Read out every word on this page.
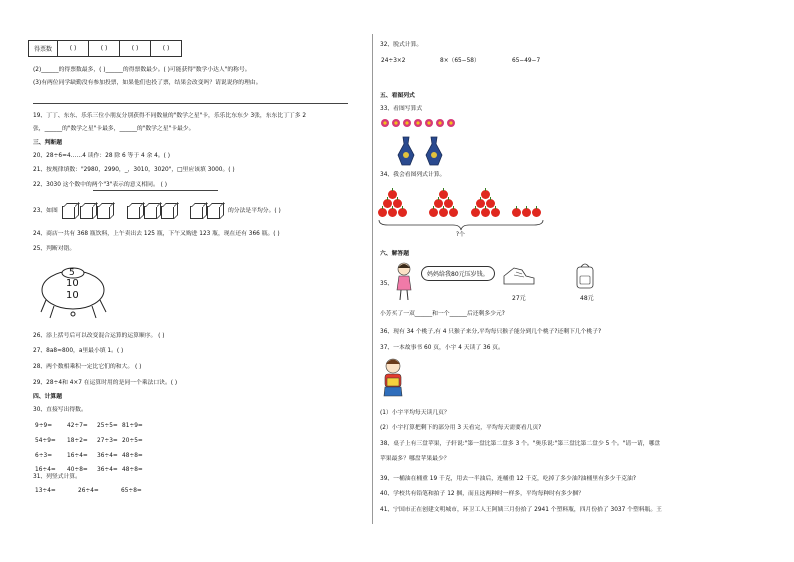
得票数	( )	( )	( )	( )
(2)______的得票数最多，( )______的得票数最少。( )可能获得"数学小达人"的称号。
(3)有两位同学缺勤没有参加投票，如果他们也投了票，结果会改变吗？请说说你的理由。
19、丁丁、东东、乐乐三位小朋友分别获得不同数量的"数学之星"卡，乐乐比东东少 3张，东东比丁丁多 2
张，______的"数学之星"卡最多，______的"数学之星"卡最少。
三、判断题
20、28÷6=4……4 读作：28 除 6 等于 4 余 4。( )
21、按规律填数："2980，2990，_，3010，3020"，□里应该填 3000。( )
22、3030 这个数中的两个"3"表示的意义相同。 ( )
23、如图	的分法是平均分。( )
24、商店一共有 368 瓶饮料，上午卖出去 125 瓶，下午又购进 123 瓶，现在还有 366 瓶。( )
25、判断对错。
5
10
10
26、添上括号后可以改变混合运算的运算顺序。 ( )
27、8a8≈800，a里最小填 1。( )
28、两个数相乘积一定比它们的和大。 ( )
29、28÷4和 4×7 在运算时用的是同一个乘法口诀。( )
四、计算题
30、直接写出得数。
9÷9=	42÷7= 25÷5= 81÷9=
54÷9= 18÷2= 27÷3= 20÷5=
6÷3=	16÷4= 36÷4= 48÷8=
16÷4= 40÷8= 36÷4= 48÷8=
31、列竖式计算。
13÷4=	26÷4=	65÷8=
32、脱式计算。
24÷3×2	8×（65−58）	65−49−7
五、看图列式
33、看图写算式
34、我会看图列式计算。
?个
六、解答题
35、
妈妈给我80元压岁钱。
27元	48元
小芳买了一双______和一个______后还剩多少元?
36、现有 34 个桃子,有 4 只猴子来分,平均每只猴子能分到几个桃子?还剩下几个桃子?
37、一本故事书 60 页，小宇 4 天读了 36 页。
(1）小宇平均每天读几页？
(2）小宇打算把剩下的部分用 3 天看完，平均每天需要看几页?
38、桌子上有三盘苹果，子轩说:"第一盘比第二盘多 3 个。"奥乐说:"第三盘比第二盘少 5 个。"请一请，哪盘
苹果最多？哪盘苹果最少？
39、一桶油在桶重 19 千克，用去一半油后，连桶重 12 千克，吃掉了多少油?油桶里有多少千克油?
40、学校共有铅笔和拍子 12 捆，而且这两种时一样多，平均每种时有多少捆？
41、宁国市正在创建文明城市，环卫工人王阿姨三月份拾了 2941 个塑料瓶，四月份拾了 3037 个塑料瓶。王
